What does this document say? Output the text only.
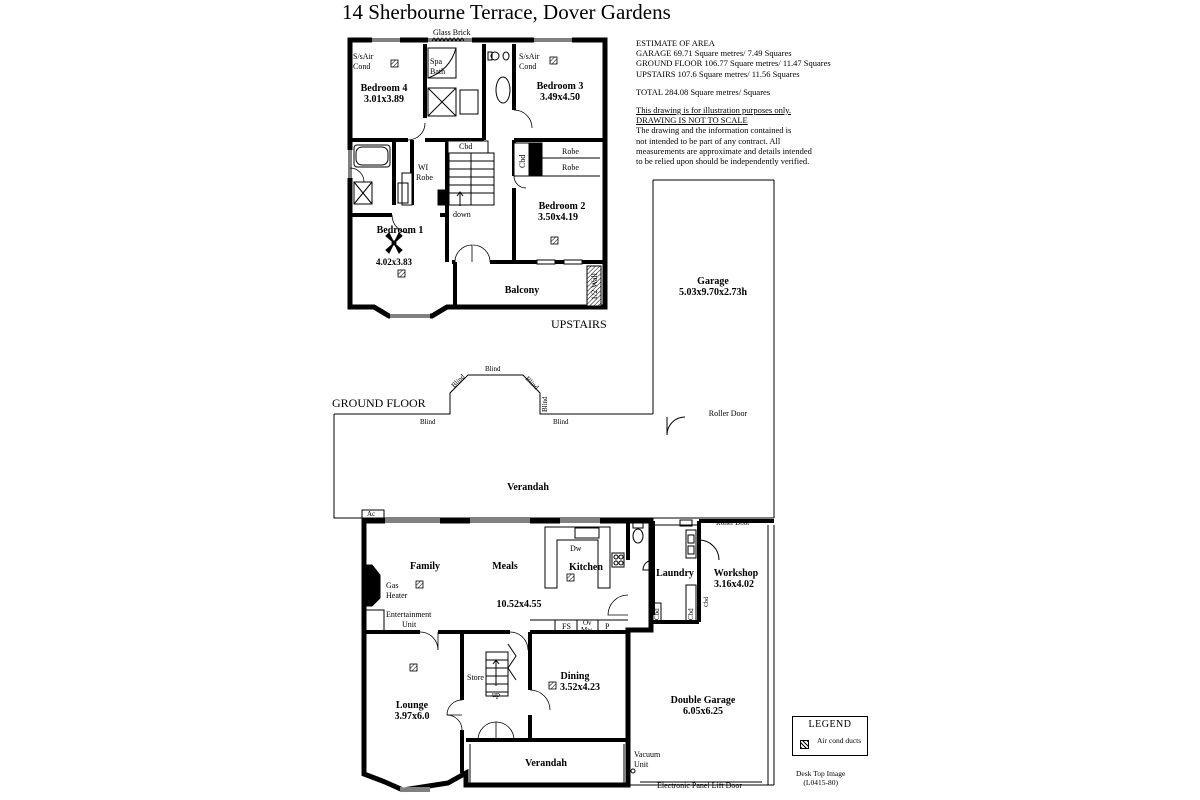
14 Sherbourne Terrace, Dover Gardens
Glass Brick
S/sAir
Cond
S/sAir
Cond
Spa
Bath
Cbd
Robe
Robe
Cbd
WI
Robe
down
1/2 Wall
Bedroom 4
3.01x3.89
Bedroom 3
3.49x4.50
Bedroom 2
3.50x4.19
Bedroom 1
4.02x3.83
Balcony
UPSTAIRS
Garage
5.03x9.70x2.73h
Roller Door
Blind
Blind
Blind
Blind
Blind	Blind
Ac
Roller Door
GROUND FLOOR
Verandah
Family	Meals	Kitchen
10.52x4.55
Laundry Workshop
3.16x4.02
Lounge
3.97x6.0
Dining
3.52x4.23
Verandah
Double Garage
6.05x6.25
Dw
Gas
Heater
Entertainment
Unit	FS Ov
Mw P
Cbd	Cbd
Cbd
Store
up
Vacuum
Unit
Electronic Panel Lift Door
ESTIMATE OF AREA
GARAGE 69.71 Square metres/ 7.49 Squares
GROUND FLOOR 106.77 Square metres/ 11.47 Squares
UPSTAIRS 107.6 Square metres/ 11.56 Squares
TOTAL 284.08 Square metres/ Squares
This drawing is for illustration purposes only.
DRAWING IS NOT TO SCALE
The drawing and the information contained is
not intended to be part of any contract. All
measurements are approximate and details intended
to be relied upon should be independently verified.
LEGEND
Air cond ducts
Desk Top Image
(L0415-80)
